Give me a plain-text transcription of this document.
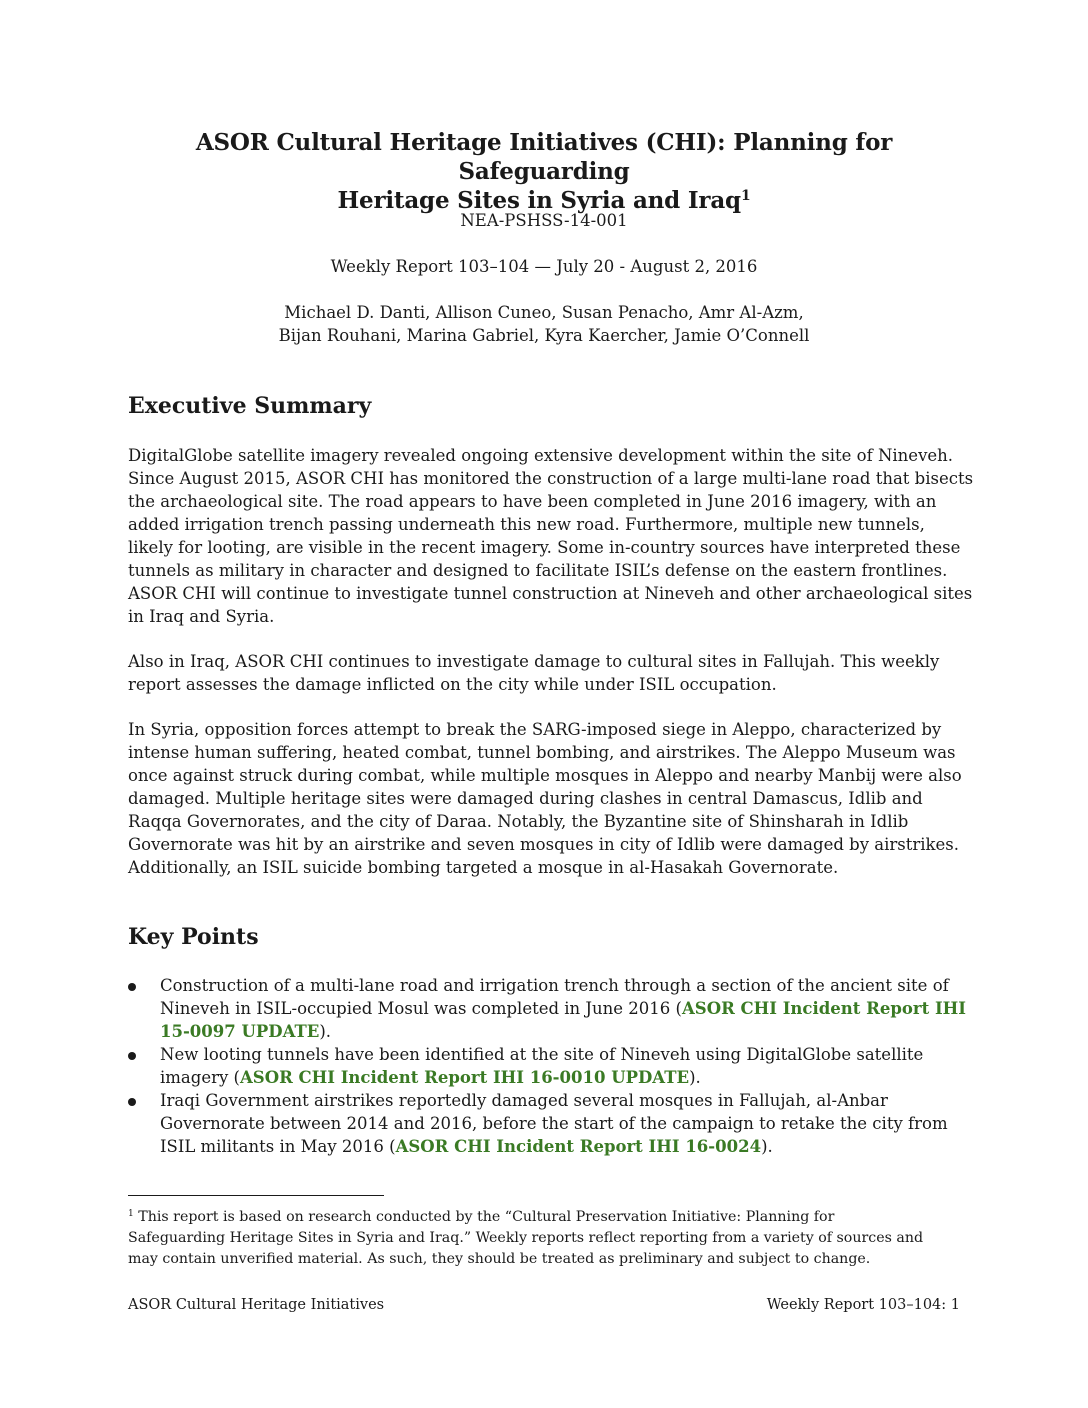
ASOR Cultural Heritage Initiatives (CHI): Planning for Safeguarding
Heritage Sites in Syria and Iraq$^1$
NEA-PSHSS-14-001
Weekly Report 103–104 — July 20 - August 2, 2016
Michael D. Danti, Allison Cuneo, Susan Penacho, Amr Al-Azm,
Bijan Rouhani, Marina Gabriel, Kyra Kaercher, Jamie O’Connell
Executive Summary
DigitalGlobe satellite imagery revealed ongoing extensive development within the site of Nineveh.
Since August 2015, ASOR CHI has monitored the construction of a large multi-lane road that bisects
the archaeological site. The road appears to have been completed in June 2016 imagery, with an
added irrigation trench passing underneath this new road. Furthermore, multiple new tunnels,
likely for looting, are visible in the recent imagery. Some in-country sources have interpreted these
tunnels as military in character and designed to facilitate ISIL’s defense on the eastern frontlines.
ASOR CHI will continue to investigate tunnel construction at Nineveh and other archaeological sites
in Iraq and Syria.
Also in Iraq, ASOR CHI continues to investigate damage to cultural sites in Fallujah. This weekly
report assesses the damage inflicted on the city while under ISIL occupation.
In Syria, opposition forces attempt to break the SARG-imposed siege in Aleppo, characterized by
intense human suffering, heated combat, tunnel bombing, and airstrikes. The Aleppo Museum was
once against struck during combat, while multiple mosques in Aleppo and nearby Manbij were also
damaged. Multiple heritage sites were damaged during clashes in central Damascus, Idlib and
Raqqa Governorates, and the city of Daraa. Notably, the Byzantine site of Shinsharah in Idlib
Governorate was hit by an airstrike and seven mosques in city of Idlib were damaged by airstrikes.
Additionally, an ISIL suicide bombing targeted a mosque in al-Hasakah Governorate.
Key Points
Construction of a multi-lane road and irrigation trench through a section of the ancient site of
Nineveh in ISIL-occupied Mosul was completed in June 2016 (ASOR CHI Incident Report IHI
15-0097 UPDATE).
New looting tunnels have been identified at the site of Nineveh using DigitalGlobe satellite
imagery (ASOR CHI Incident Report IHI 16-0010 UPDATE).
Iraqi Government airstrikes reportedly damaged several mosques in Fallujah, al-Anbar
Governorate between 2014 and 2016, before the start of the campaign to retake the city from
ISIL militants in May 2016 (ASOR CHI Incident Report IHI 16-0024).
$^1$ This report is based on research conducted by the “Cultural Preservation Initiative: Planning for
Safeguarding Heritage Sites in Syria and Iraq.” Weekly reports reflect reporting from a variety of sources and
may contain unverified material. As such, they should be treated as preliminary and subject to change.
ASOR Cultural Heritage Initiatives	Weekly Report 103–104: 1
